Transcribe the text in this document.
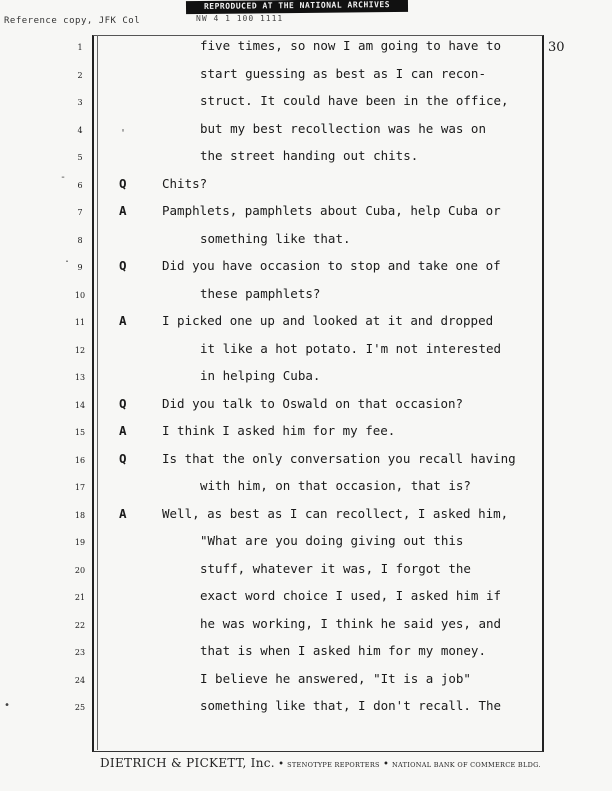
Reference copy, JFK Col
REPRODUCED AT THE NATIONAL ARCHIVES
NW 4 1 100 1111
30
1	five times, so now I am going to have to
2	start guessing as best as I can recon-
3	struct. It could have been in the office,
4	but my best recollection was he was on
5	the street handing out chits.
6	Q	Chits?
7	A	Pamphlets, pamphlets about Cuba, help Cuba or
8	something like that.
9	Q	Did you have occasion to stop and take one of
10	these pamphlets?
11	A	I picked one up and looked at it and dropped
12	it like a hot potato. I'm not interested
13	in helping Cuba.
14	Q	Did you talk to Oswald on that occasion?
15	A	I think I asked him for my fee.
16	Q	Is that the only conversation you recall having
17	with him, on that occasion, that is?
18	A	Well, as best as I can recollect, I asked him,
19	"What are you doing giving out this
20	stuff, whatever it was, I forgot the
21	exact word choice I used, I asked him if
22	he was working, I think he said yes, and
23	that is when I asked him for my money.
24	I believe he answered, "It is a job"
25	something like that, I don't recall. The
'
-
.
•
DIETRICH & PICKETT, Inc. • STENOTYPE REPORTERS • NATIONAL BANK OF COMMERCE BLDG.
